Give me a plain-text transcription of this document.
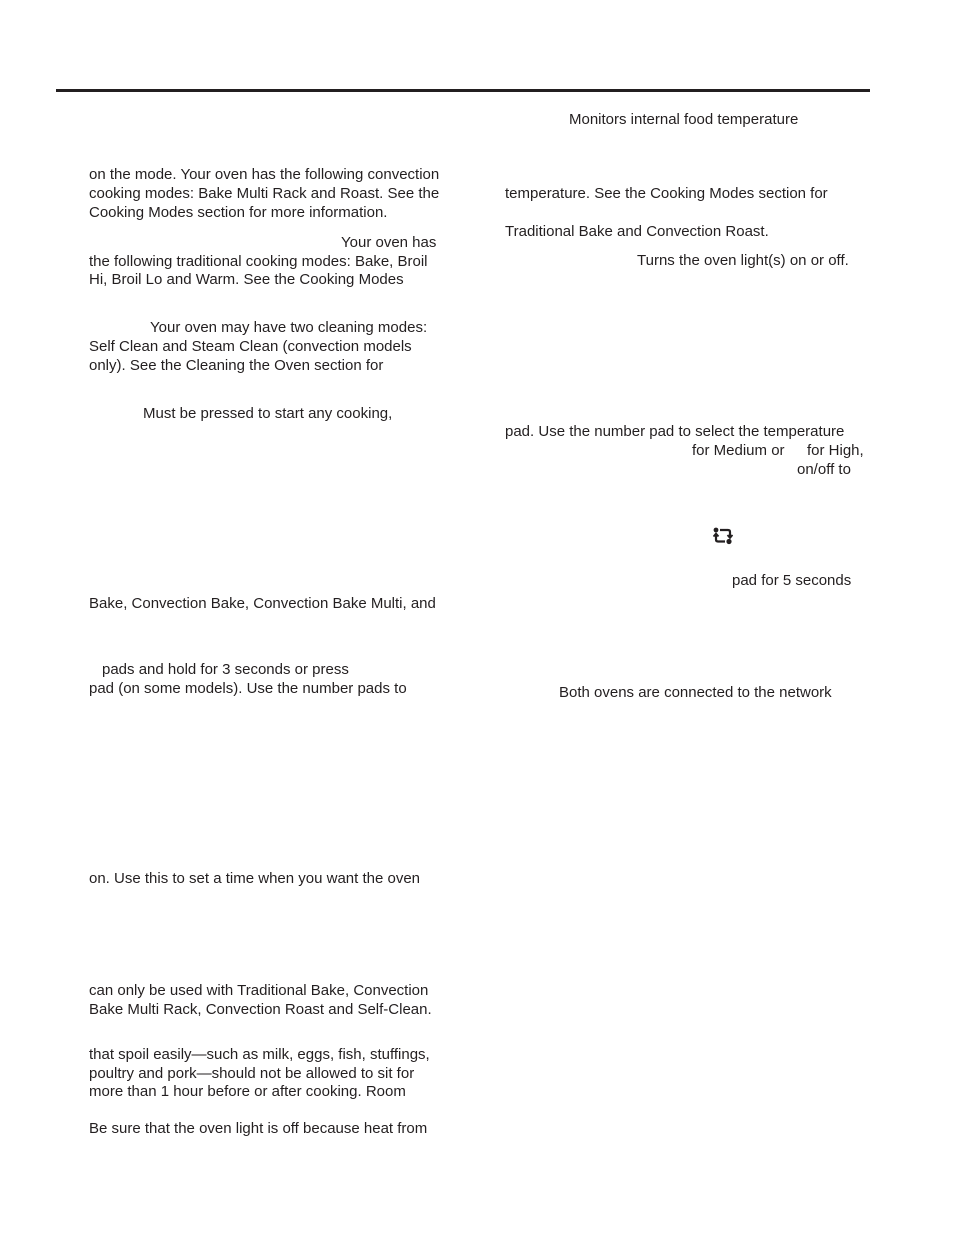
on the mode. Your oven has the following convection

cooking modes: Bake Multi Rack and Roast. See the

Cooking Modes section for more information.

Your oven has

the following traditional cooking modes: Bake, Broil

Hi, Broil Lo and Warm. See the Cooking Modes

Your oven may have two cleaning modes:

Self Clean and Steam Clean (convection models

only). See the Cleaning the Oven section for

Must be pressed to start any cooking,

Bake, Convection Bake, Convection Bake Multi, and

pads and hold for 3 seconds or press

pad (on some models). Use the number pads to

on. Use this to set a time when you want the oven

can only be used with Traditional Bake, Convection

Bake Multi Rack, Convection Roast and Self-Clean.

that spoil easily—such as milk, eggs, fish, stuffings,

poultry and pork—should not be allowed to sit for

more than 1 hour before or after cooking. Room

Be sure that the oven light is off because heat from

Monitors internal food temperature

temperature. See the Cooking Modes section for

Traditional Bake and Convection Roast.

Turns the oven light(s) on or off.

pad. Use the number pad to select the temperature

for Medium or for High,

on/off to

pad for 5 seconds

Both ovens are connected to the network
